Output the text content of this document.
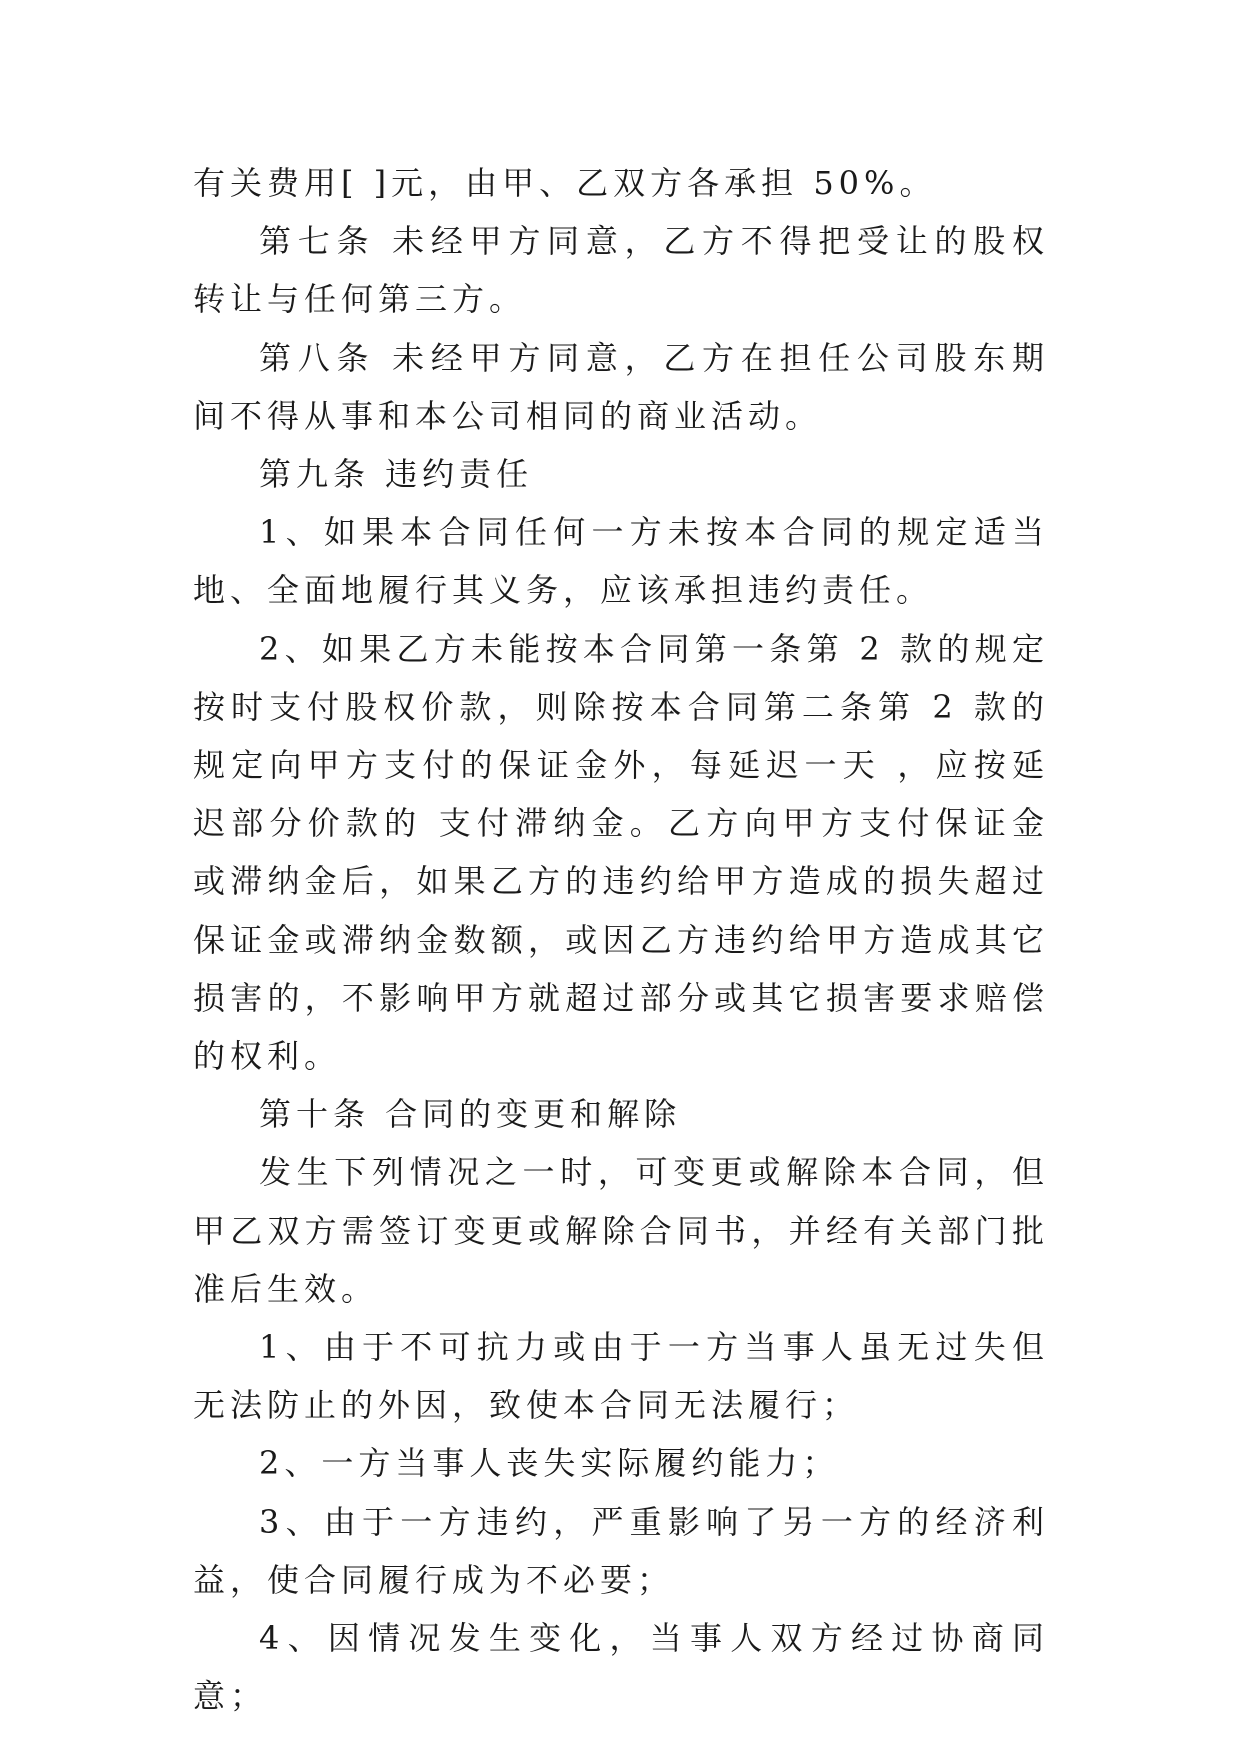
有关费用[ ]元，由甲、乙双方各承担 50%。

第七条 未经甲方同意，乙方不得把受让的股权转让与任何第三方。

第八条 未经甲方同意，乙方在担任公司股东期间不得从事和本公司相同的商业活动。

第九条 违约责任

1、如果本合同任何一方未按本合同的规定适当地、全面地履行其义务，应该承担违约责任。

2、如果乙方未能按本合同第一条第 2 款的规定按时支付股权价款，则除按本合同第二条第 2 款的规定向甲方支付的保证金外，每延迟一天 ，应按延迟部分价款的 支付滞纳金。乙方向甲方支付保证金或滞纳金后，如果乙方的违约给甲方造成的损失超过保证金或滞纳金数额，或因乙方违约给甲方造成其它损害的，不影响甲方就超过部分或其它损害要求赔偿的权利。

第十条 合同的变更和解除

发生下列情况之一时，可变更或解除本合同，但甲乙双方需签订变更或解除合同书，并经有关部门批准后生效。

1、由于不可抗力或由于一方当事人虽无过失但无法防止的外因，致使本合同无法履行；

2、一方当事人丧失实际履约能力；

3、由于一方违约，严重影响了另一方的经济利益，使合同履行成为不必要；

4、因情况发生变化，当事人双方经过协商同意；
